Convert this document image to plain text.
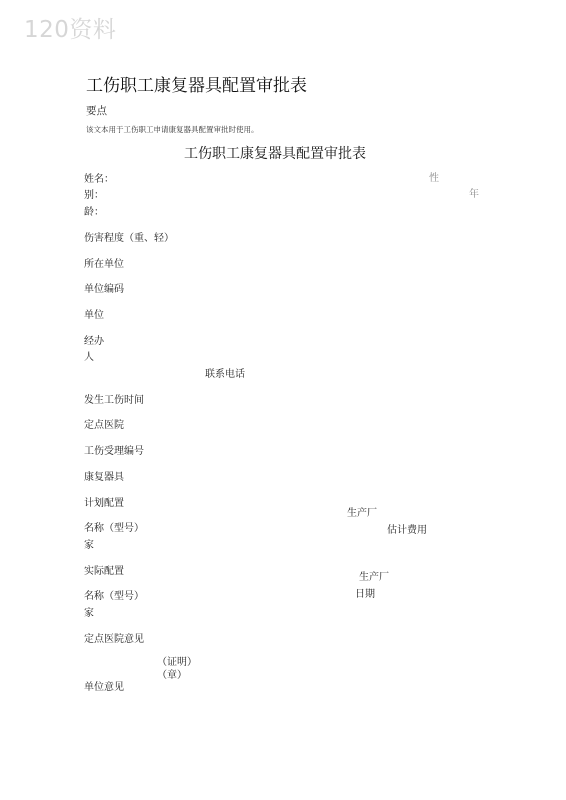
120资料
工伤职工康复器具配置审批表
要点
该文本用于工伤职工申请康复器具配置审批时使用。
工伤职工康复器具配置审批表
姓名：	性
别：	年
龄：
伤害程度（重、轻）
所在单位
单位编码
单位
经办
人
联系电话
发生工伤时间
定点医院
工伤受理编号
康复器具
计划配置
生产厂
名称（型号）	估计费用
家
实际配置
生产厂
名称（型号）	日期
家
定点医院意见
（证明）
（章）
单位意见
